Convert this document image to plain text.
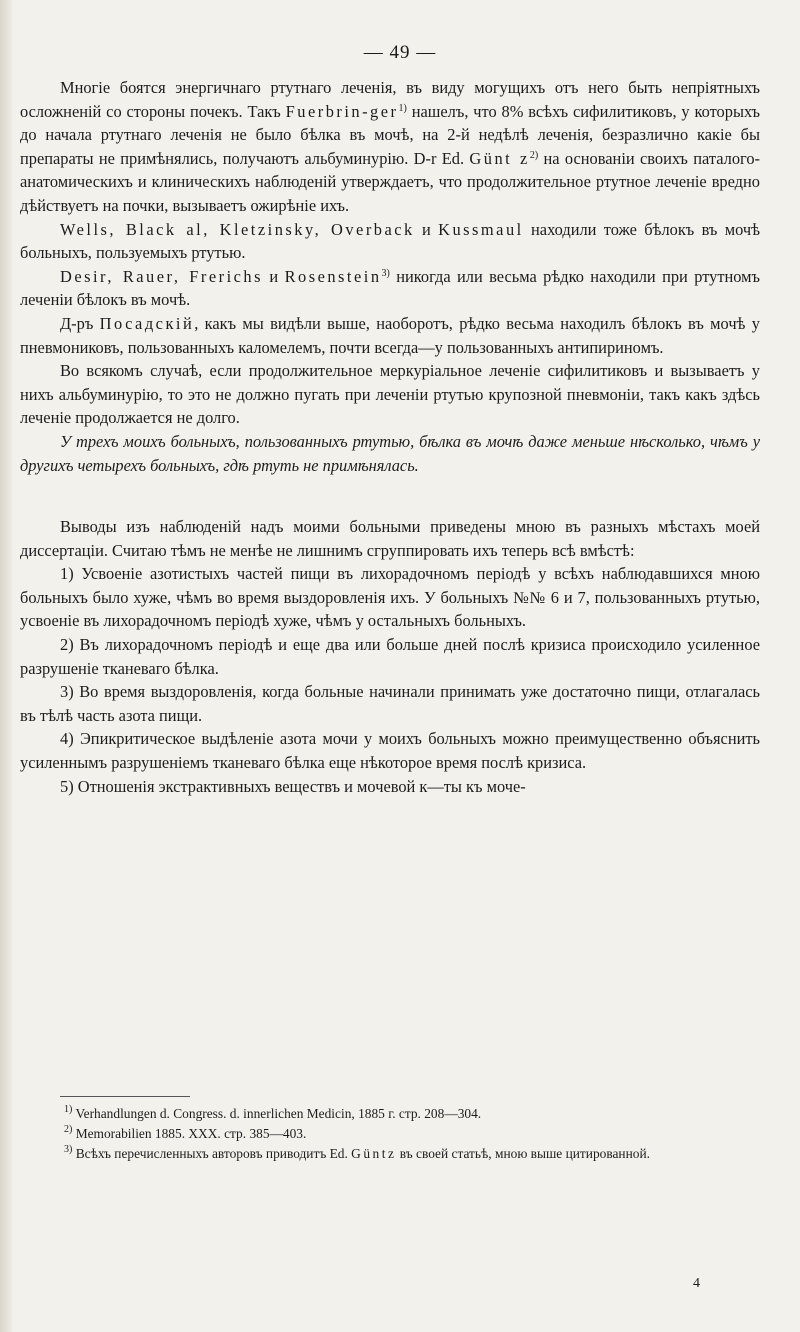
— 49 —

Многіе боятся энергичнаго ртутнаго леченія, въ виду могущихъ отъ него быть непріятныхъ осложненій со стороны почекъ. Такъ Fuerbrin-ger$^{1)}$ нашелъ, что 8% всѣхъ сифилитиковъ, у которыхъ до начала ртутнаго леченія не было бѣлка въ мочѣ, на 2-й недѣлѣ леченія, безразлично какіе бы препараты не примѣнялись, получаютъ альбуминурію. D-r Ed. Günt $z^{2)}$ на основаніи своихъ паталого-анатомическихъ и клиническихъ наблюденій утверждаетъ, что продолжительное ртутное леченіе вредно дѣйствуетъ на почки, вызываетъ ожирѣніе ихъ.

Wells, Black al, Kletzinsky, Overback и Kussmaul находили тоже бѣлокъ въ мочѣ больныхъ, пользуемыхъ ртутью.

Desir, Rauer, Frerichs и Rosenstein$^{3)}$ никогда или весьма рѣдко находили при ртутномъ леченіи бѣлокъ въ мочѣ.

Д-ръ Посадскій, какъ мы видѣли выше, наоборотъ, рѣдко весьма находилъ бѣлокъ въ мочѣ у пневмониковъ, пользованныхъ каломелемъ, почти всегда—у пользованныхъ антипириномъ.

Во всякомъ случаѣ, если продолжительное меркуріальное леченіе сифилитиковъ и вызываетъ у нихъ альбуминурію, то это не должно пугать при леченіи ртутью крупозной пневмоніи, такъ какъ здѣсь леченіе продолжается не долго.

У трехъ моихъ больныхъ, пользованныхъ ртутью, бѣлка въ мочѣ даже меньше нѣсколько, чѣмъ у другихъ четырехъ больныхъ, гдѣ ртуть не примѣнялась.

Выводы изъ наблюденій надъ моими больными приведены мною въ разныхъ мѣстахъ моей диссертаціи. Считаю тѣмъ не менѣе не лишнимъ сгруппировать ихъ теперь всѣ вмѣстѣ:

1) Усвоеніе азотистыхъ частей пищи въ лихорадочномъ періодѣ у всѣхъ наблюдавшихся мною больныхъ было хуже, чѣмъ во время выздоровленія ихъ. У больныхъ №№ 6 и 7, пользованныхъ ртутью, усвоеніе въ лихорадочномъ періодѣ хуже, чѣмъ у остальныхъ больныхъ.

2) Въ лихорадочномъ періодѣ и еще два или больше дней послѣ кризиса происходило усиленное разрушеніе тканеваго бѣлка.

3) Во время выздоровленія, когда больные начинали принимать уже достаточно пищи, отлагалась въ тѣлѣ часть азота пищи.

4) Эпикритическое выдѣленіе азота мочи у моихъ больныхъ можно преимущественно объяснить усиленнымъ разрушеніемъ тканеваго бѣлка еще нѣкоторое время послѣ кризиса.

5) Отношенія экстрактивныхъ веществъ и мочевой к—ты къ моче-

$^{1)}$ Verhandlungen d. Congress. d. innerlichen Medicin, 1885 г. стр. 208—304.

$^{2)}$ Memorabilien 1885. XXX. стр. 385—403.

$^{3)}$ Всѣхъ перечисленныхъ авторовъ приводитъ Ed. Güntz въ своей статьѣ, мною выше цитированной.

4
